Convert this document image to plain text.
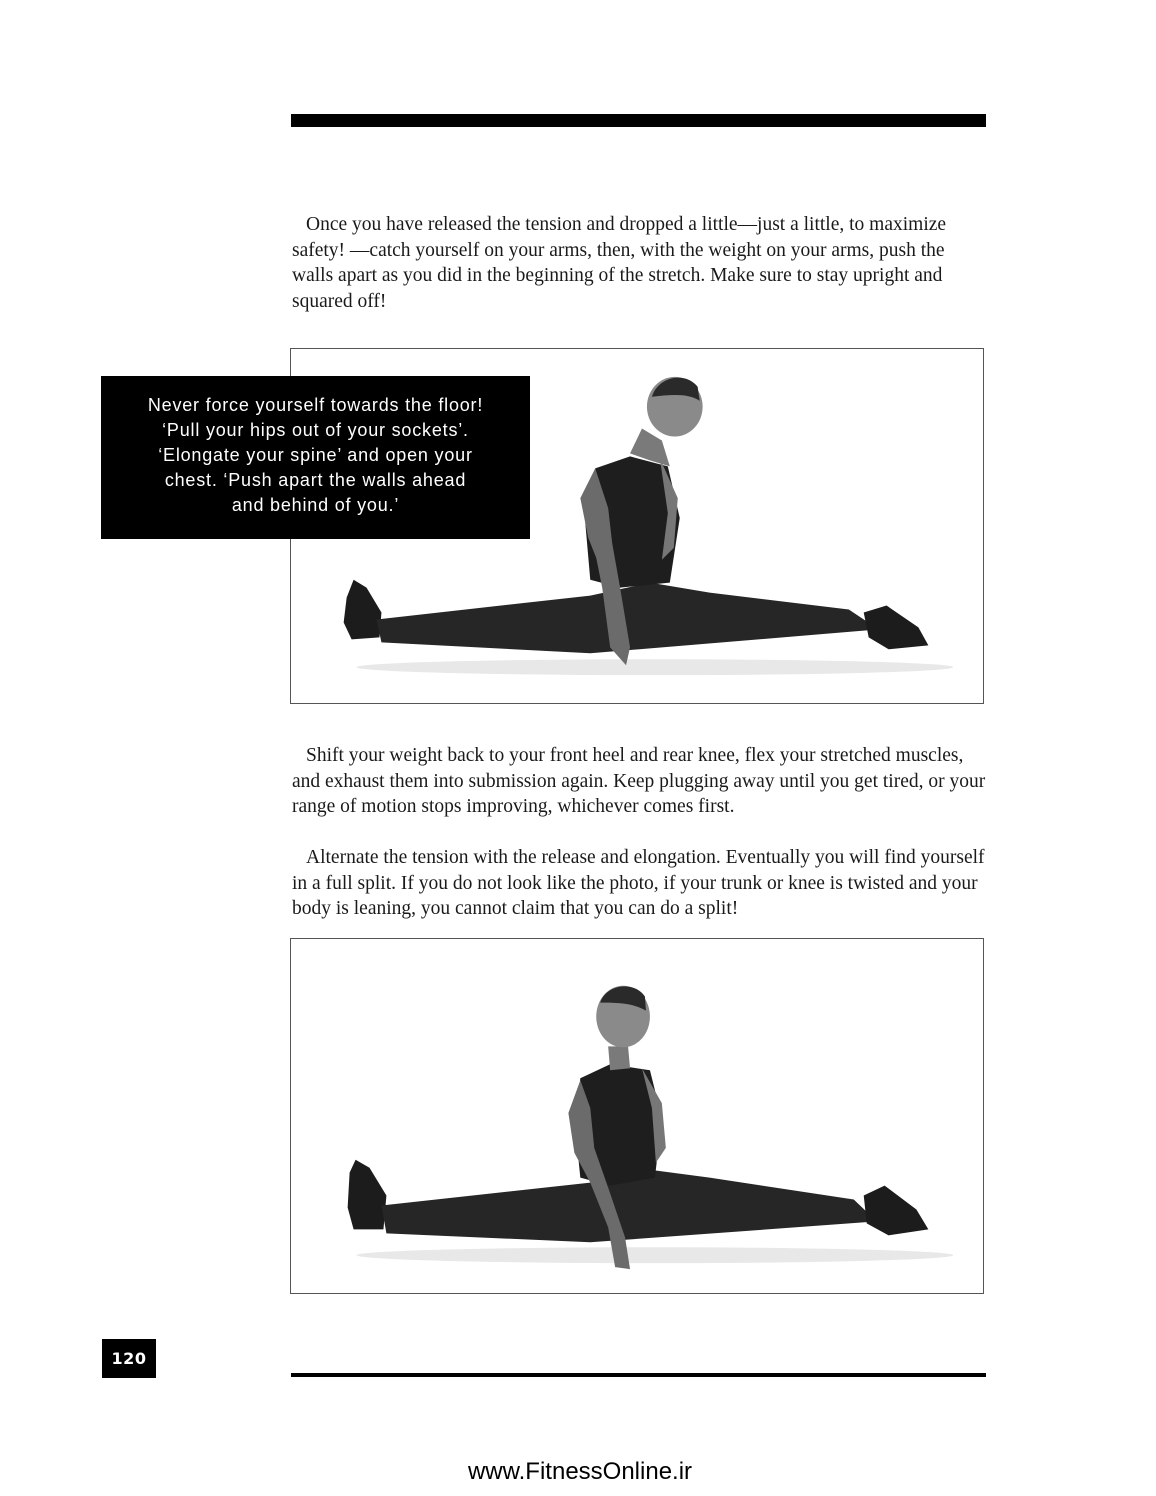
Once you have released the tension and dropped a little—just a little, to maximize safety! —catch yourself on your arms, then, with the weight on your arms, push the walls apart as you did in the beginning of the stretch. Make sure to stay upright and squared off!

Never force yourself towards the floor!
‘Pull your hips out of your sockets’.
‘Elongate your spine’ and open your
chest. ‘Push apart the walls ahead
and behind of you.’

Shift your weight back to your front heel and rear knee, flex your stretched muscles, and exhaust them into submission again. Keep plugging away until you get tired, or your range of motion stops improving, whichever comes first.

Alternate the tension with the release and elongation. Eventually you will find yourself in a full split. If you do not look like the photo, if your trunk or knee is twisted and your body is leaning, you cannot claim that you can do a split!

120
www.FitnessOnline.ir
